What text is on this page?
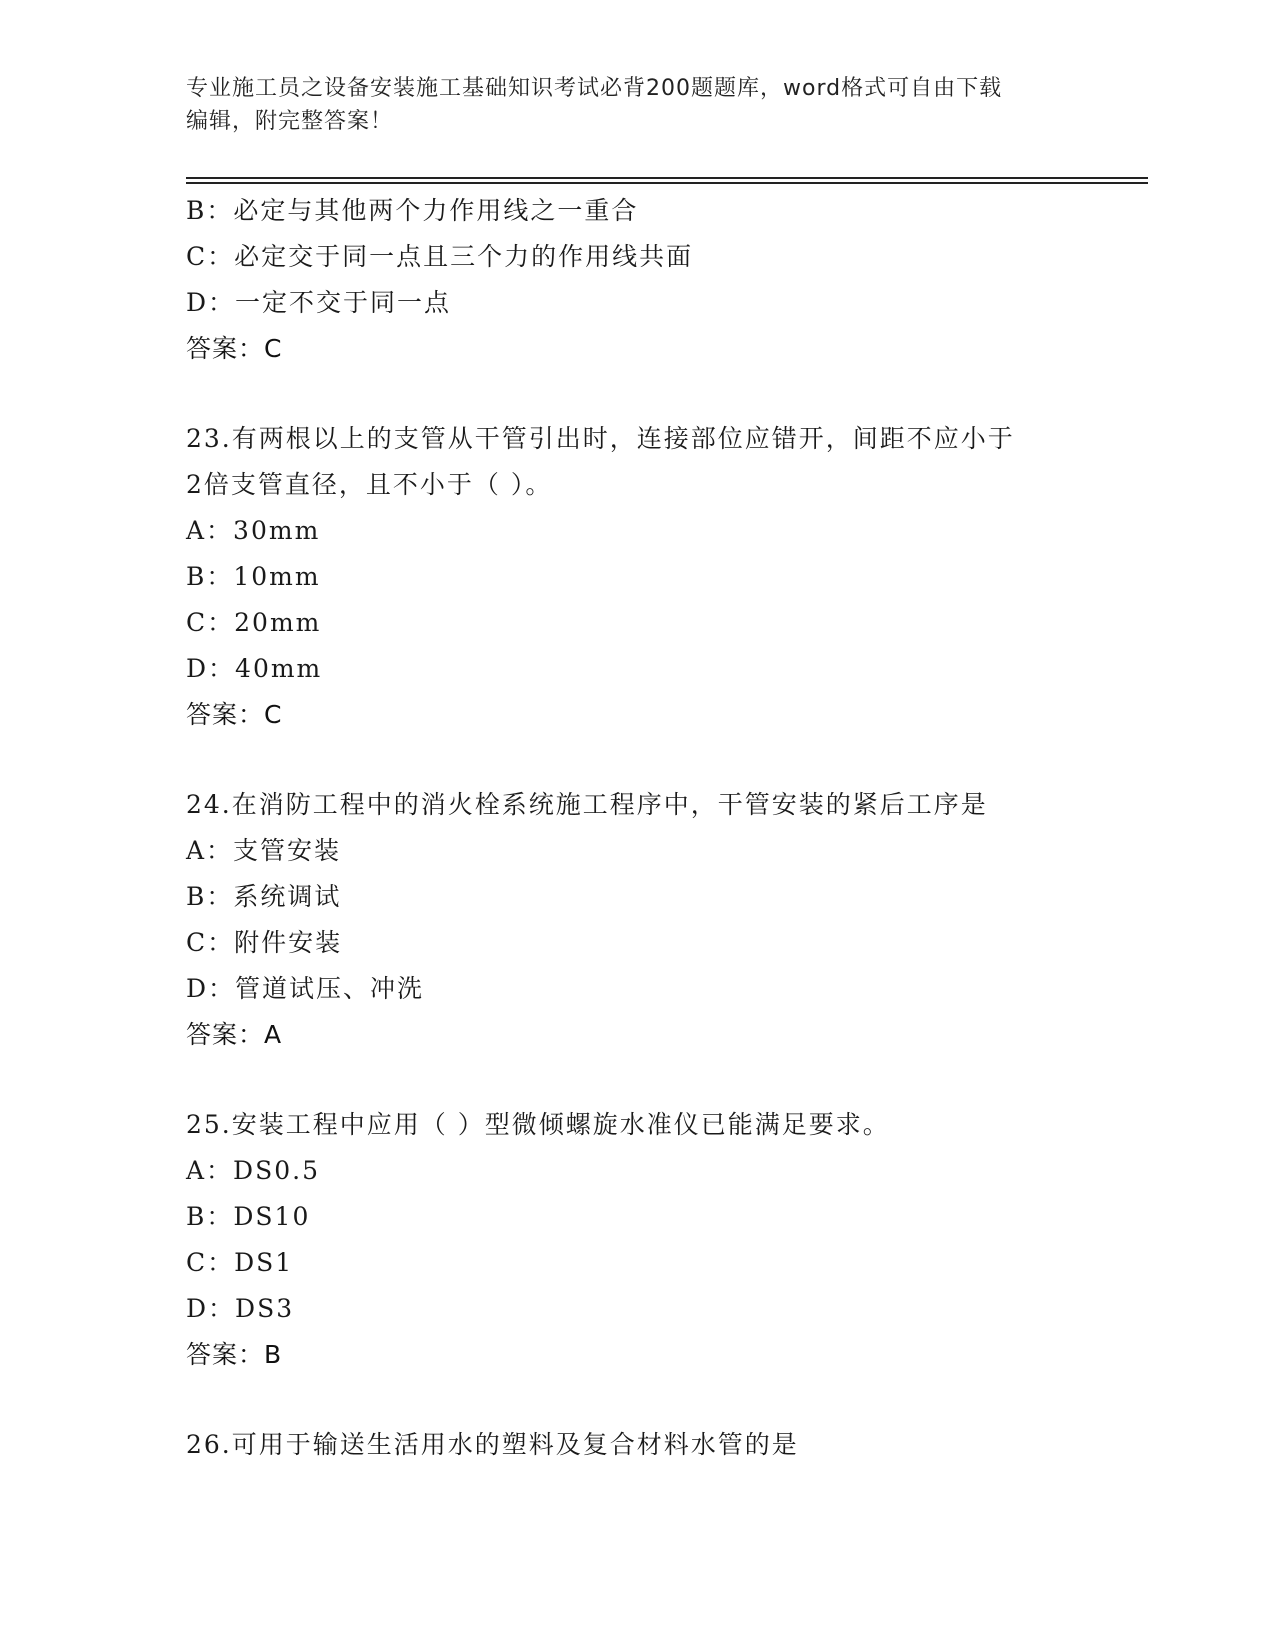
专业施工员之设备安装施工基础知识考试必背200题题库，word格式可自由下载
编辑，附完整答案！
B：必定与其他两个力作用线之一重合
C：必定交于同一点且三个力的作用线共面
D：一定不交于同一点
答案：C
23.有两根以上的支管从干管引出时，连接部位应错开，间距不应小于
2倍支管直径，且不小于（ ）。
A：30mm
B：10mm
C：20mm
D：40mm
答案：C
24.在消防工程中的消火栓系统施工程序中，干管安装的紧后工序是
A：支管安装
B：系统调试
C：附件安装
D：管道试压、冲洗
答案：A
25.安装工程中应用（ ）型微倾螺旋水准仪已能满足要求。
A：DS0.5
B：DS10
C：DS1
D：DS3
答案：B
26.可用于输送生活用水的塑料及复合材料水管的是
